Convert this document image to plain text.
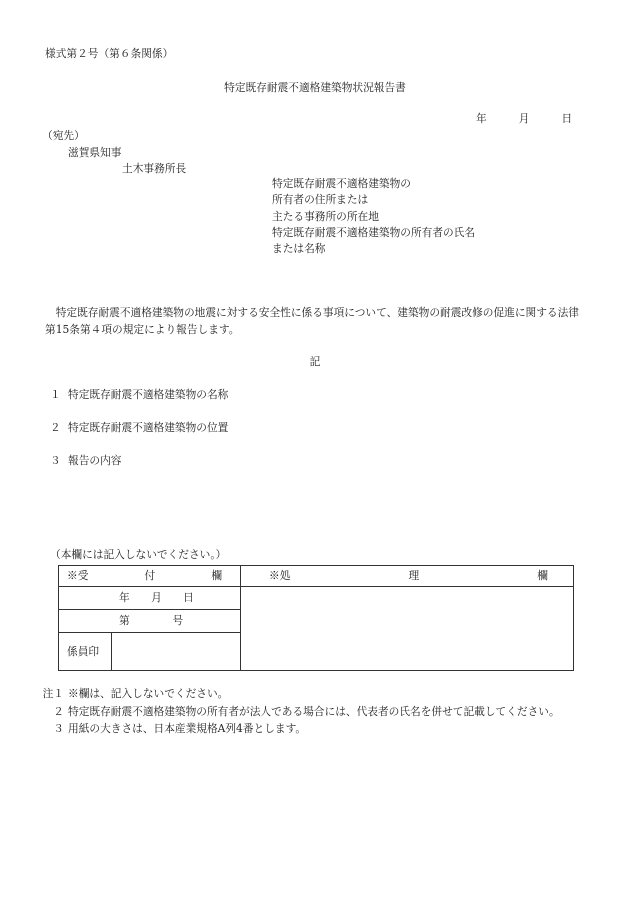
様式第２号（第６条関係）
特定既存耐震不適格建築物状況報告書
年　　　月　　　日
（宛先）
滋賀県知事
土木事務所長
特定既存耐震不適格建築物の
所有者の住所または
主たる事務所の所在地
特定既存耐震不適格建築物の所有者の氏名
または名称
特定既存耐震不適格建築物の地震に対する安全性に係る事項について、建築物の耐震改修の促進に関する法律第15条第４項の規定により報告します。
記
１ 特定既存耐震不適格建築物の名称
２ 特定既存耐震不適格建築物の位置
３ 報告の内容
（本欄には記入しないでください。）
※受 付 欄		※処 理 欄

年　　月　　日		
第　　　　号		
係員印		
注１ ※欄は、記入しないでください。
２ 特定既存耐震不適格建築物の所有者が法人である場合には、代表者の氏名を併せて記載してください。
３ 用紙の大きさは、日本産業規格A列4番とします。
